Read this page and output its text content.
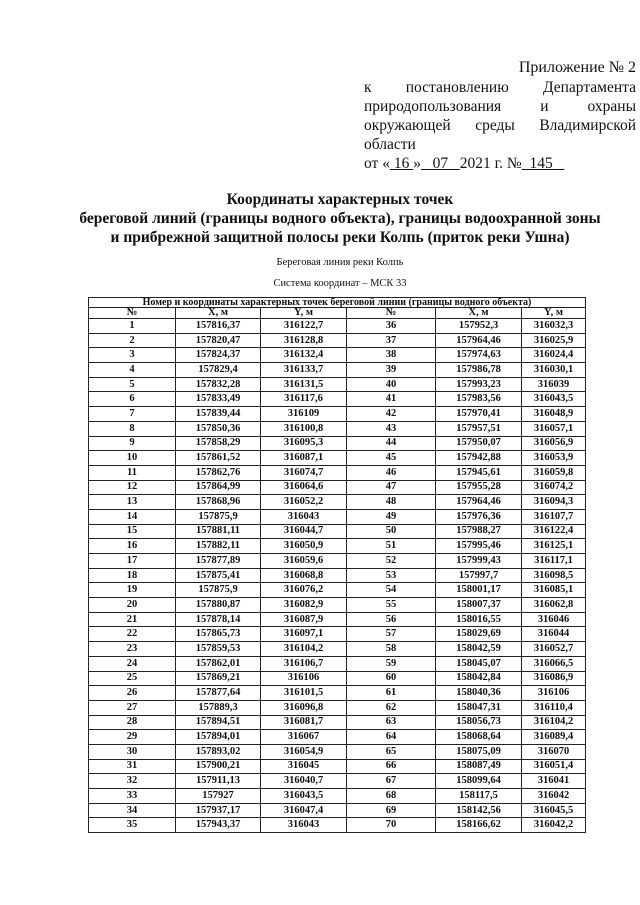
Приложение № 2
к постановлению Департамента
природопользования и охраны
окружающей среды Владимирской
области
от « 16 » 07 2021 г. № 145
Координаты характерных точек
береговой линий (границы водного объекта), границы водоохранной зоны
и прибрежной защитной полосы реки Колпь (приток реки Ушна)
Береговая линия реки Колпь
Система координат – МСК 33
Номер и координаты характерных точек береговой линии (границы водного объекта)					
№	X, м	Y, м	№	X, м	Y, м
1	157816,37	316122,7	36	157952,3	316032,3
2	157820,47	316128,8	37	157964,46	316025,9
3	157824,37	316132,4	38	157974,63	316024,4
4	157829,4	316133,7	39	157986,78	316030,1
5	157832,28	316131,5	40	157993,23	316039
6	157833,49	316117,6	41	157983,56	316043,5
7	157839,44	316109	42	157970,41	316048,9
8	157850,36	316100,8	43	157957,51	316057,1
9	157858,29	316095,3	44	157950,07	316056,9
10	157861,52	316087,1	45	157942,88	316053,9
11	157862,76	316074,7	46	157945,61	316059,8
12	157864,99	316064,6	47	157955,28	316074,2
13	157868,96	316052,2	48	157964,46	316094,3
14	157875,9	316043	49	157976,36	316107,7
15	157881,11	316044,7	50	157988,27	316122,4
16	157882,11	316050,9	51	157995,46	316125,1
17	157877,89	316059,6	52	157999,43	316117,1
18	157875,41	316068,8	53	157997,7	316098,5
19	157875,9	316076,2	54	158001,17	316085,1
20	157880,87	316082,9	55	158007,37	316062,8
21	157878,14	316087,9	56	158016,55	316046
22	157865,73	316097,1	57	158029,69	316044
23	157859,53	316104,2	58	158042,59	316052,7
24	157862,01	316106,7	59	158045,07	316066,5
25	157869,21	316106	60	158042,84	316086,9
26	157877,64	316101,5	61	158040,36	316106
27	157889,3	316096,8	62	158047,31	316110,4
28	157894,51	316081,7	63	158056,73	316104,2
29	157894,01	316067	64	158068,64	316089,4
30	157893,02	316054,9	65	158075,09	316070
31	157900,21	316045	66	158087,49	316051,4
32	157911,13	316040,7	67	158099,64	316041
33	157927	316043,5	68	158117,5	316042
34	157937,17	316047,4	69	158142,56	316045,5
35	157943,37	316043	70	158166,62	316042,2
